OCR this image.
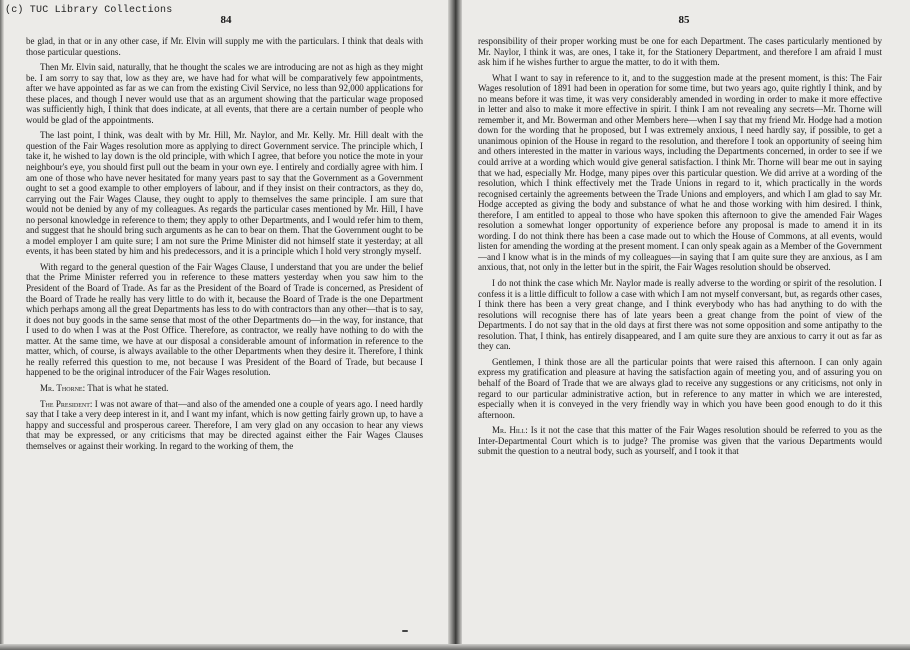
(c) TUC Library Collections
84

be glad, in that or in any other case, if Mr. Elvin will supply me with the particulars. I think that deals with those particular questions.

Then Mr. Elvin said, naturally, that he thought the scales we are introducing are not as high as they might be. I am sorry to say that, low as they are, we have had for what will be comparatively few appointments, after we have appointed as far as we can from the existing Civil Service, no less than 92,000 applications for these places, and though I never would use that as an argument showing that the particular wage proposed was sufficiently high, I think that does indicate, at all events, that there are a certain number of people who would be glad of the appointments.

The last point, I think, was dealt with by Mr. Hill, Mr. Naylor, and Mr. Kelly. Mr. Hill dealt with the question of the Fair Wages resolution more as applying to direct Government service. The principle which, I take it, he wished to lay down is the old principle, with which I agree, that before you notice the mote in your neighbour's eye, you should first pull out the beam in your own eye. I entirely and cordially agree with him. I am one of those who have never hesitated for many years past to say that the Government as a Government ought to set a good example to other employers of labour, and if they insist on their contractors, as they do, carrying out the Fair Wages Clause, they ought to apply to themselves the same principle. I am sure that would not be denied by any of my colleagues. As regards the particular cases mentioned by Mr. Hill, I have no personal knowledge in reference to them; they apply to other Departments, and I would refer him to them, and suggest that he should bring such arguments as he can to bear on them. That the Government ought to be a model employer I am quite sure; I am not sure the Prime Minister did not himself state it yesterday; at all events, it has been stated by him and his predecessors, and it is a principle which I hold very strongly myself.

With regard to the general question of the Fair Wages Clause, I understand that you are under the belief that the Prime Minister referred you in reference to these matters yesterday when you saw him to the President of the Board of Trade. As far as the President of the Board of Trade is concerned, as President of the Board of Trade he really has very little to do with it, because the Board of Trade is the one Department which perhaps among all the great Departments has less to do with contractors than any other—that is to say, it does not buy goods in the same sense that most of the other Departments do—in the way, for instance, that I used to do when I was at the Post Office. Therefore, as contractor, we really have nothing to do with the matter. At the same time, we have at our disposal a considerable amount of information in reference to the matter, which, of course, is always available to the other Departments when they desire it. Therefore, I think he really referred this question to me, not because I was President of the Board of Trade, but because I happened to be the original introducer of the Fair Wages resolution.

Mr. Thorne: That is what he stated.

The President: I was not aware of that—and also of the amended one a couple of years ago. I need hardly say that I take a very deep interest in it, and I want my infant, which is now getting fairly grown up, to have a happy and successful and prosperous career. Therefore, I am very glad on any occasion to hear any views that may be expressed, or any criticisms that may be directed against either the Fair Wages Clauses themselves or against their working. In regard to the working of them, the

85

responsibility of their proper working must be one for each Department. The cases particularly mentioned by Mr. Naylor, I think it was, are ones, I take it, for the Stationery Department, and therefore I am afraid I must ask him if he wishes further to argue the matter, to do it with them.

What I want to say in reference to it, and to the suggestion made at the present moment, is this: The Fair Wages resolution of 1891 had been in operation for some time, but two years ago, quite rightly I think, and by no means before it was time, it was very considerably amended in wording in order to make it more effective in letter and also to make it more effective in spirit. I think I am not revealing any secrets—Mr. Thorne will remember it, and Mr. Bowerman and other Members here—when I say that my friend Mr. Hodge had a motion down for the wording that he proposed, but I was extremely anxious, I need hardly say, if possible, to get a unanimous opinion of the House in regard to the resolution, and therefore I took an opportunity of seeing him and others interested in the matter in various ways, including the Departments concerned, in order to see if we could arrive at a wording which would give general satisfaction. I think Mr. Thorne will bear me out in saying that we had, especially Mr. Hodge, many pipes over this particular question. We did arrive at a wording of the resolution, which I think effectively met the Trade Unions in regard to it, which practically in the words recognised certainly the agreements between the Trade Unions and employers, and which I am glad to say Mr. Hodge accepted as giving the body and substance of what he and those working with him desired. I think, therefore, I am entitled to appeal to those who have spoken this afternoon to give the amended Fair Wages resolution a somewhat longer opportunity of experience before any proposal is made to amend it in its wording. I do not think there has been a case made out to which the House of Commons, at all events, would listen for amending the wording at the present moment. I can only speak again as a Member of the Government—and I know what is in the minds of my colleagues—in saying that I am quite sure they are anxious, as I am anxious, that, not only in the letter but in the spirit, the Fair Wages resolution should be observed.

I do not think the case which Mr. Naylor made is really adverse to the wording or spirit of the resolution. I confess it is a little difficult to follow a case with which I am not myself conversant, but, as regards other cases, I think there has been a very great change, and I think everybody who has had anything to do with the resolutions will recognise there has of late years been a great change from the point of view of the Departments. I do not say that in the old days at first there was not some opposition and some antipathy to the resolution. That, I think, has entirely disappeared, and I am quite sure they are anxious to carry it out as far as they can.

Gentlemen, I think those are all the particular points that were raised this afternoon. I can only again express my gratification and pleasure at having the satisfaction again of meeting you, and of assuring you on behalf of the Board of Trade that we are always glad to receive any suggestions or any criticisms, not only in regard to our particular administrative action, but in reference to any matter in which we are interested, especially when it is conveyed in the very friendly way in which you have been good enough to do it this afternoon.

Mr. Hill: Is it not the case that this matter of the Fair Wages resolution should be referred to you as the Inter-Departmental Court which is to judge? The promise was given that the various Departments would submit the question to a neutral body, such as yourself, and I took it that
